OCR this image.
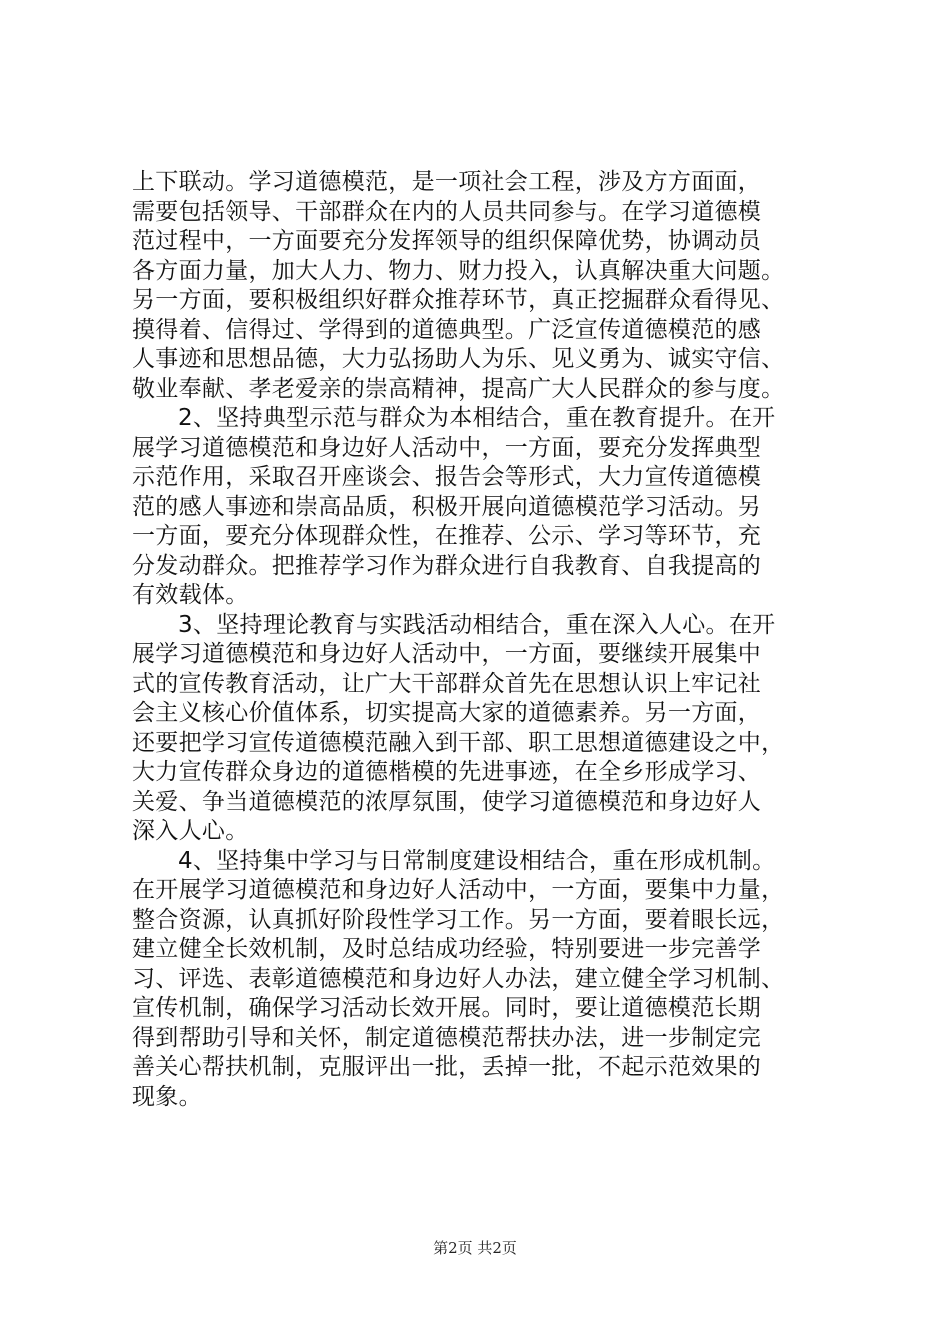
上下联动。学习道德模范，是一项社会工程，涉及方方面面，
需要包括领导、干部群众在内的人员共同参与。在学习道德模
范过程中，一方面要充分发挥领导的组织保障优势，协调动员
各方面力量，加大人力、物力、财力投入，认真解决重大问题。
另一方面，要积极组织好群众推荐环节，真正挖掘群众看得见、
摸得着、信得过、学得到的道德典型。广泛宣传道德模范的感
人事迹和思想品德，大力弘扬助人为乐、见义勇为、诚实守信、
敬业奉献、孝老爱亲的崇高精神，提高广大人民群众的参与度。

2、坚持典型示范与群众为本相结合，重在教育提升。在开
展学习道德模范和身边好人活动中，一方面，要充分发挥典型
示范作用，采取召开座谈会、报告会等形式，大力宣传道德模
范的感人事迹和崇高品质，积极开展向道德模范学习活动。另
一方面，要充分体现群众性，在推荐、公示、学习等环节，充
分发动群众。把推荐学习作为群众进行自我教育、自我提高的
有效载体。

3、坚持理论教育与实践活动相结合，重在深入人心。在开
展学习道德模范和身边好人活动中，一方面，要继续开展集中
式的宣传教育活动，让广大干部群众首先在思想认识上牢记社
会主义核心价值体系，切实提高大家的道德素养。另一方面，
还要把学习宣传道德模范融入到干部、职工思想道德建设之中，
大力宣传群众身边的道德楷模的先进事迹，在全乡形成学习、
关爱、争当道德模范的浓厚氛围，使学习道德模范和身边好人
深入人心。

4、坚持集中学习与日常制度建设相结合，重在形成机制。
在开展学习道德模范和身边好人活动中，一方面，要集中力量，
整合资源，认真抓好阶段性学习工作。另一方面，要着眼长远，
建立健全长效机制，及时总结成功经验，特别要进一步完善学
习、评选、表彰道德模范和身边好人办法，建立健全学习机制、
宣传机制，确保学习活动长效开展。同时，要让道德模范长期
得到帮助引导和关怀，制定道德模范帮扶办法，进一步制定完
善关心帮扶机制，克服评出一批，丢掉一批，不起示范效果的
现象。

第2页 共2页
